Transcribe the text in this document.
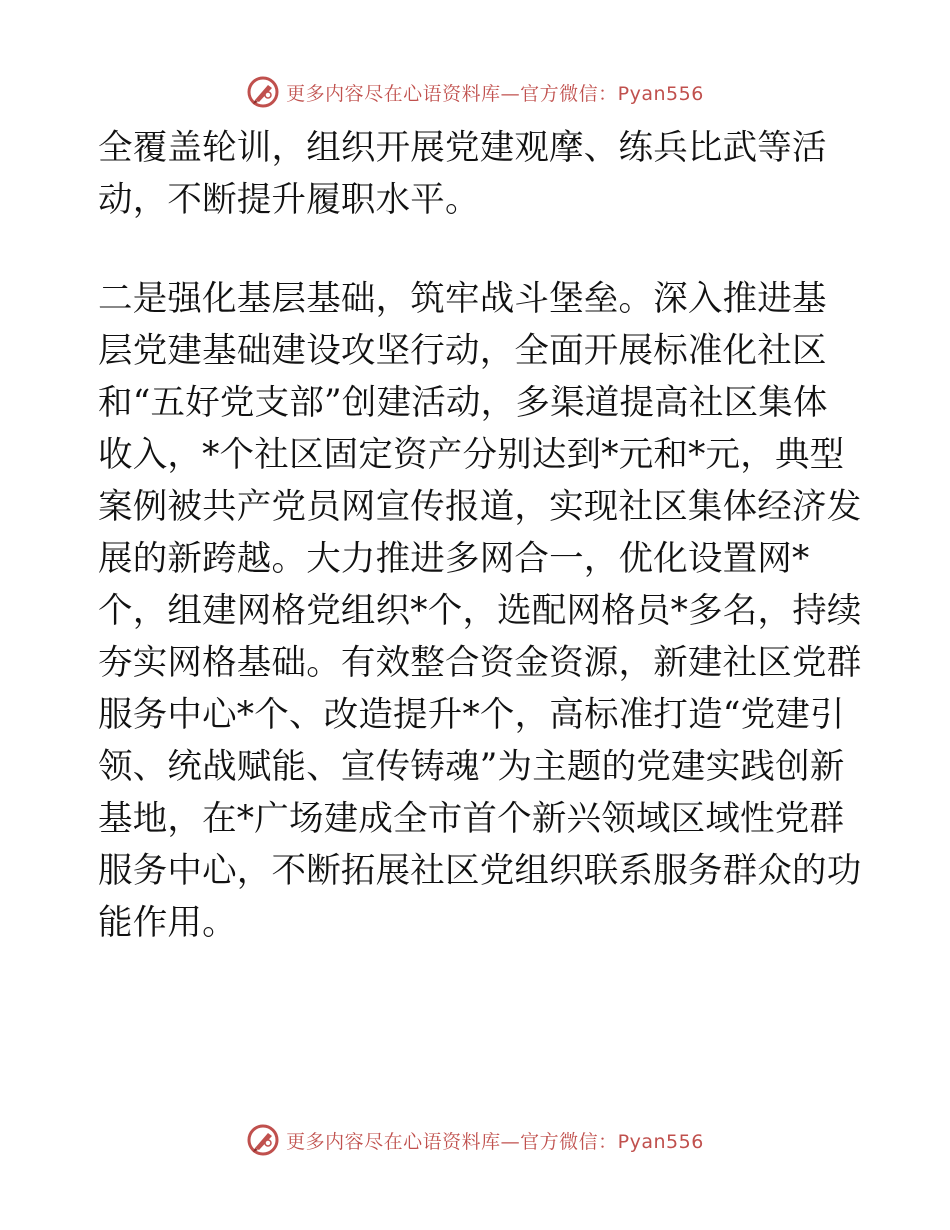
更多内容尽在心语资料库—官方微信：Pyan556
全覆盖轮训，组织开展党建观摩、练兵比武等活
动，不断提升履职水平。
二是强化基层基础，筑牢战斗堡垒。深入推进基
层党建基础建设攻坚行动，全面开展标准化社区
和“五好党支部”创建活动，多渠道提高社区集体
收入，*个社区固定资产分别达到*元和*元，典型
案例被共产党员网宣传报道，实现社区集体经济发
展的新跨越。大力推进多网合一，优化设置网*
个，组建网格党组织*个，选配网格员*多名，持续
夯实网格基础。有效整合资金资源，新建社区党群
服务中心*个、改造提升*个，高标准打造“党建引
领、统战赋能、宣传铸魂”为主题的党建实践创新
基地，在*广场建成全市首个新兴领域区域性党群
服务中心，不断拓展社区党组织联系服务群众的功
能作用。
更多内容尽在心语资料库—官方微信：Pyan556
